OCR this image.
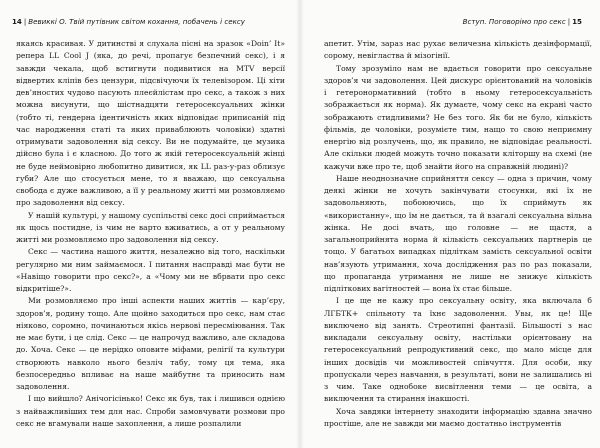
14 | Вевиккі О. Твій путівник світом кохання, побачень і сексу

якаясь красивая. У дитинстві я слухала пісні на зразок «Doin’ It» репера LL Cool J (яка, до речі, пропагує безпечний секс), і я завжди чекала, щоб встигнути подивитися на MTV версії відвертих кліпів без цензури, підсвічуючи їх телевізором. Ці хіти дев’яностих чудово пасують плеєйлістам про секс, а також з них можна висунути, що шістнадцяти гетеросексуальних жінки (тобто ті, гендерна ідентичність яких відповідає приписаній під час народження статі та яких приваблюють чоловіки) здатні отримувати задоволення від сексу. Ви не подумайте, це музика дійсно була і є класною. До того ж якій гетеросексуальній жінці не буде неймовірно любопитно дивитися, як LL раз-у-раз облизує губи? Але що стосується мене, то я вважаю, що сексуальна свобода є дуже важливою, а її у реальному житті ми розмовляємо про задоволення від сексу.

У нашій культурі, у нашому суспільстві секс досі сприймається як щось постидне, із чим не варто вживатись, а от у реальному житті ми розмовляємо про задоволення від сексу.

Секс — частина нашого життя, незалежно від того, наскільки регулярно ми ним займаємося. І питання насправді має бути не «Навіщо говорити про секс?», а «Чому ми не вбрвати про секс відкритіше?».

Ми розмовляємо про інші аспекти наших життів — кар’єру, здоров’я, родину тощо. Але щойно заходиться про секс, нам стає ніяково, соромно, починаються якісь нервові пересміювання. Так не має бути, і це слід. Секс — це напрочуд важливо, але складова до. Хоча. Секс — це нерідко оповите міфами, релігії та культури створюють навколо нього безліч табу, тому ця тема, яка безпосередньо впливає на наше майбутнє та приносить нам задоволення.

І що вийшло? Анічогісінько! Секс як був, так і лишився однією з найважливіших тем для нас. Спроби замовчувати розмови про секс не вгамували наше захоплення, а лише розпалили

Вступ. Поговорімо про секс | 15

апетит. Утім, зараз нас рухає величезна кількість дезінформації, сорому, невігластва й мізогінії.

Тому зрозуміло нам не вдається говорити про сексуальне здоров’я чи задоволення. Цей дискурс орієнтований на чоловіків і гетеронормативний (тобто в ньому гетеросексуальність зображається як норма). Як думаєте, чому секс на екрані часто зображають стидливими? Не без того. Як би не було, кількість фільмів, де чоловіки, розумієте тим, нащо то свою неприємну енергію від розлучень, що, як правило, не відповідає реальності. Але скільки людей можуть точно показати кліторшу на схемі (не кажучи вже про те, щоб знайти його на справжній людині)?

Наше неоднозначне сприйняття сексу — одна з причин, чому деякі жінки не хочуть закінчувати стосунки, які їх не задовольняють, побоюючись, що їх сприймуть як «використанну», що їм не дається, та й взагалі сексуальна вільна жінка. Не досі вчать, що головне — не щастя, а загальноприйнята норма й кількість сексуальних партнерів це тощо. У багатьох випадках підліткам замість сексуальної освіти нав’язують утримання, хоча дослідження раз по раз показали, що пропаганда утримання не лише не знижує кількість підліткових вагітностей — вона їх стає більше.

І це ще не кажу про сексуальну освіту, яка включала б ЛГБТК+ спільноту та їхнє задоволення. Увы, як це! Ще виключено від занять. Стреотипні фантазії. Більшості з нас викладали сексуальну освіту, настільки орієнтовану на гетеросексуальний репродуктивний секс, що мало місце для інших досвідів чи можливостей співчуття. Для особи, яку пропускали через навчання, в результаті, вони не залишались ні з чим. Таке однобоке висвітлення теми — це освіта, а виключення та стирання інакшості.

Хоча завдяки інтернету знаходити інформацію здавна значно простіше, але не завжди ми маємо достатньо інструментів
